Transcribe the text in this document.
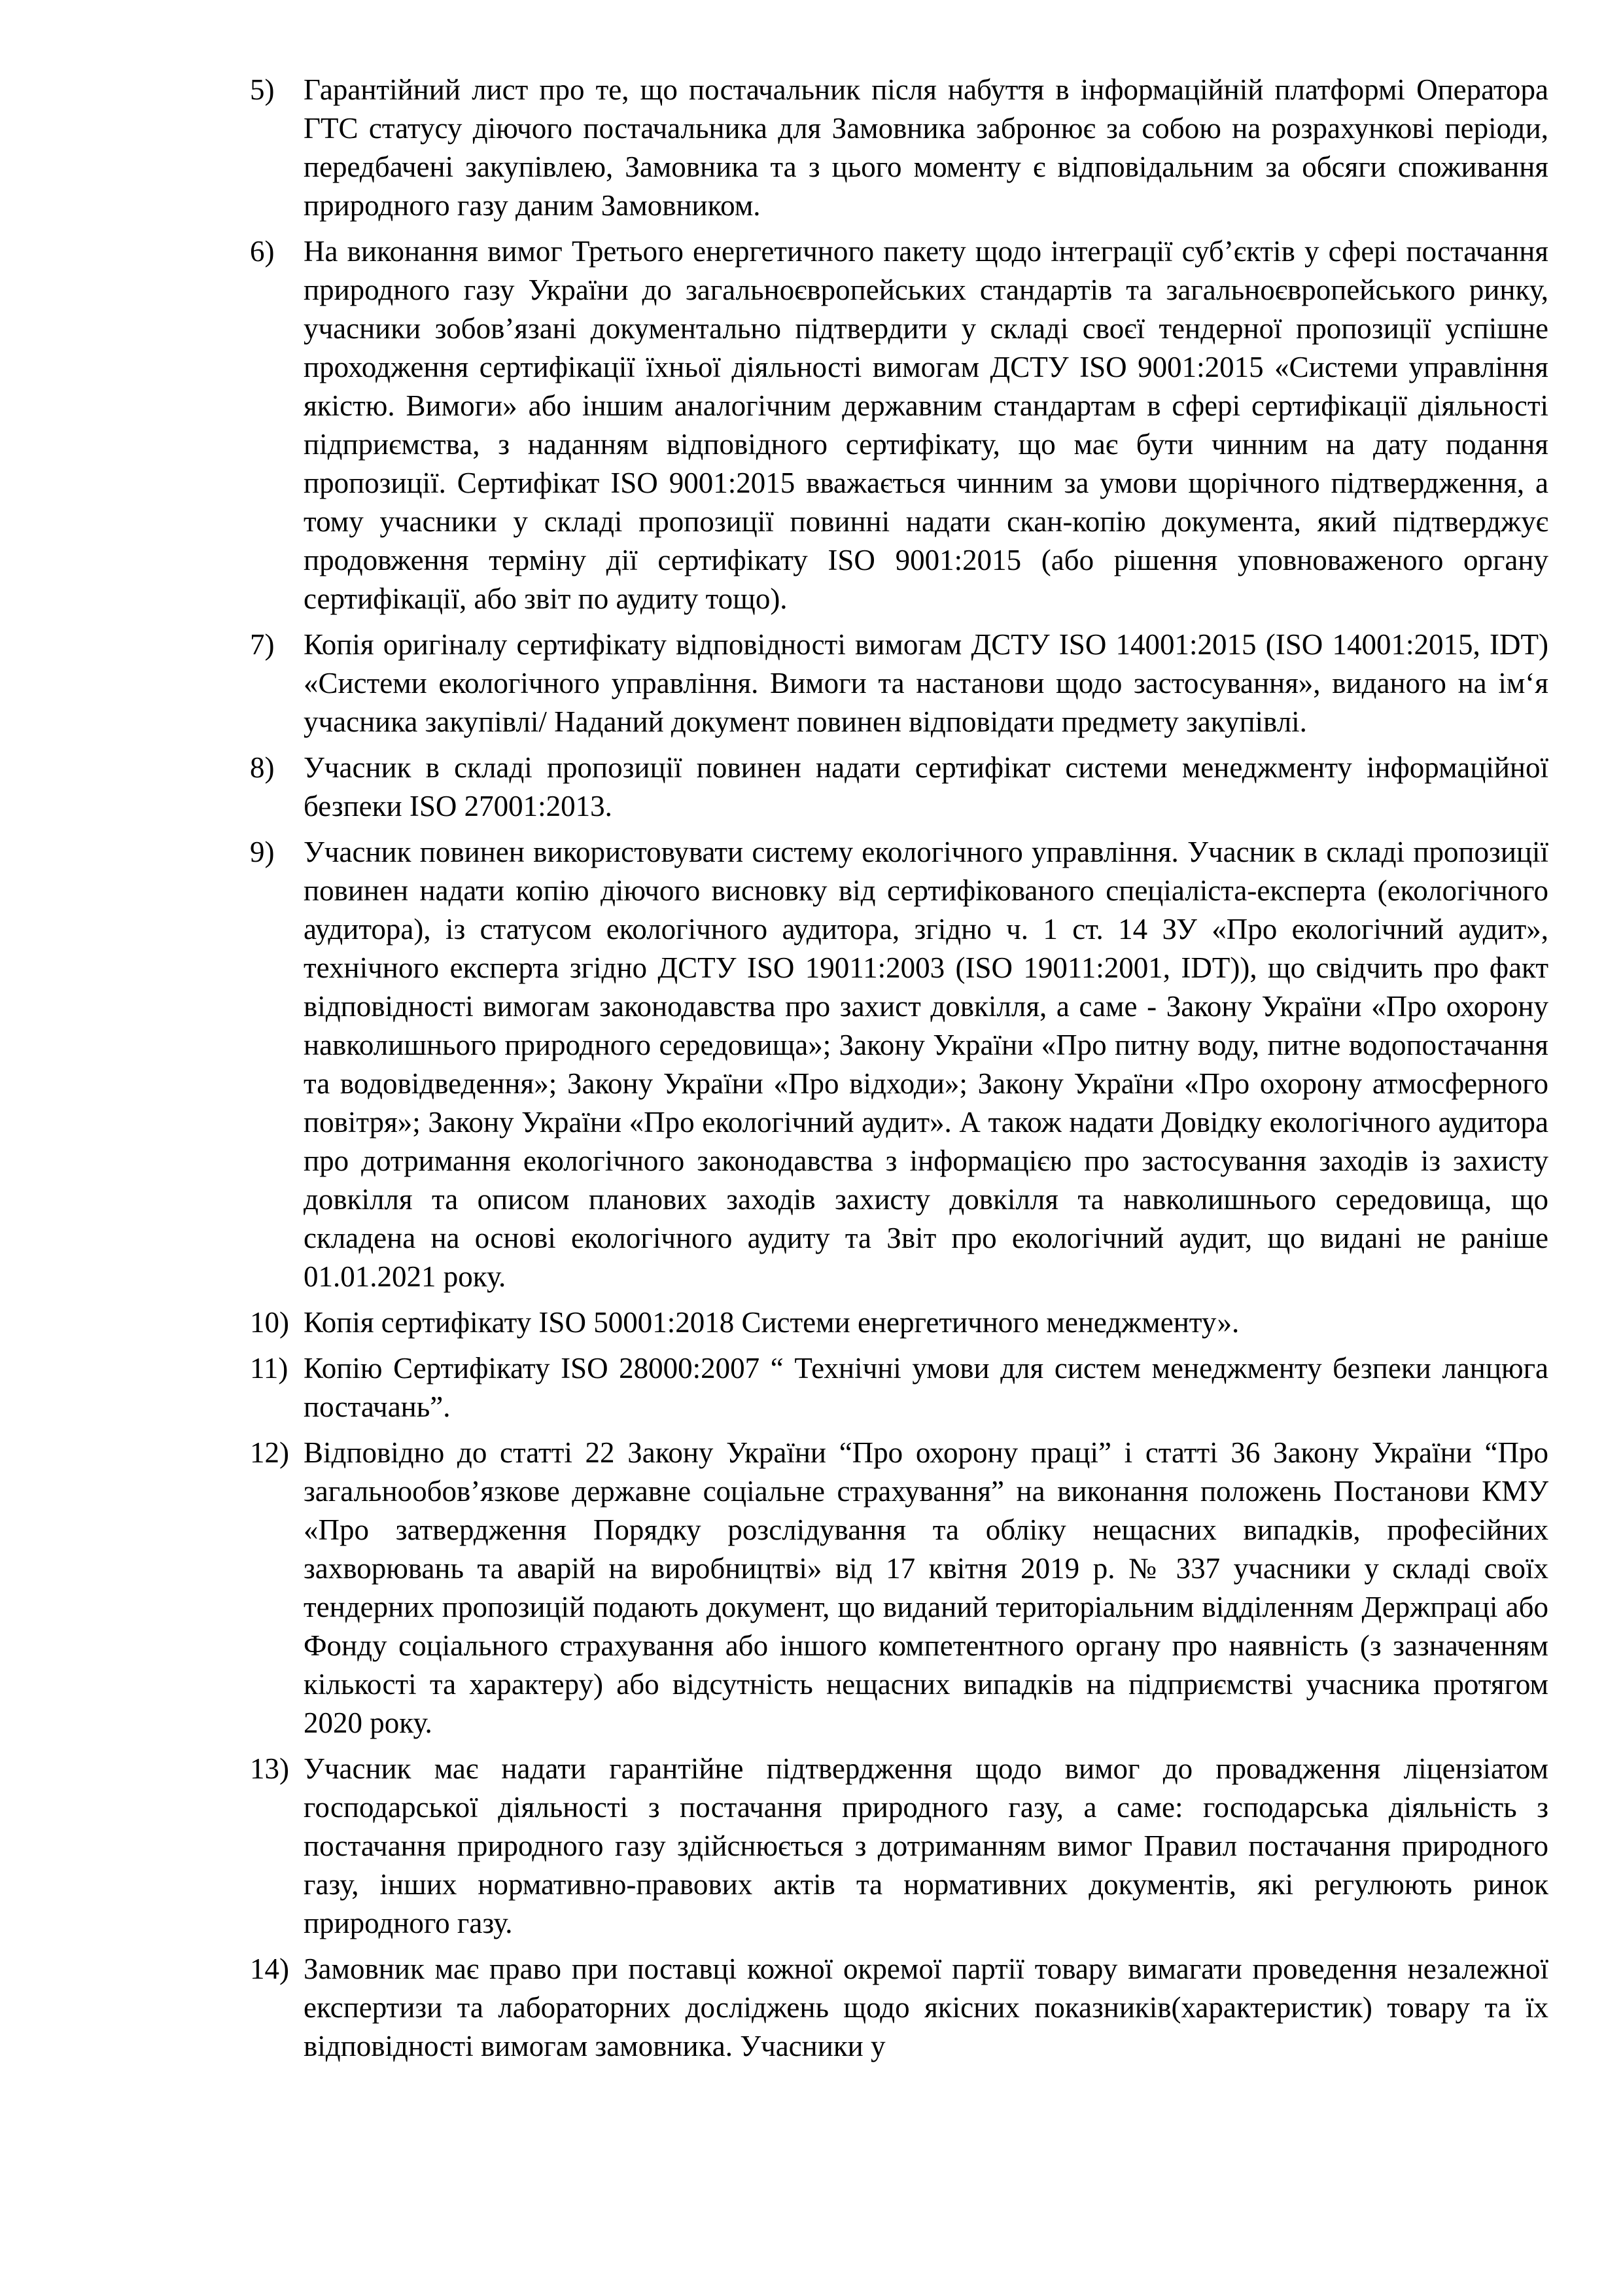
5) Гарантійний лист про те, що постачальник після набуття в інформаційній платформі Оператора ГТС статусу діючого постачальника для Замовника забронює за собою на розрахункові періоди, передбачені закупівлею, Замовника та з цього моменту є відповідальним за обсяги споживання природного газу даним Замовником.
6) На виконання вимог Третього енергетичного пакету щодо інтеграції суб’єктів у сфері постачання природного газу України до загальноєвропейських стандартів та загальноєвропейського ринку, учасники зобов’язані документально підтвердити у складі своєї тендерної пропозиції успішне проходження сертифікації їхньої діяльності вимогам ДСТУ ISO 9001:2015 «Системи управління якістю. Вимоги» або іншим аналогічним державним стандартам в сфері сертифікації діяльності підприємства, з наданням відповідного сертифікату, що має бути чинним на дату подання пропозиції. Сертифікат ISO 9001:2015 вважається чинним за умови щорічного підтвердження, а тому учасники у складі пропозиції повинні надати скан-копію документа, який підтверджує продовження терміну дії сертифікату ISO 9001:2015 (або рішення уповноваженого органу сертифікації, або звіт по аудиту тощо).
7) Копія оригіналу сертифікату відповідності вимогам ДСТУ ISO 14001:2015 (ISO 14001:2015, IDT) «Системи екологічного управління. Вимоги та настанови щодо застосування», виданого на ім‘я учасника закупівлі/ Наданий документ повинен відповідати предмету закупівлі.
8) Учасник в складі пропозиції повинен надати сертифікат системи менеджменту інформаційної безпеки ISO 27001:2013.
9) Учасник повинен використовувати систему екологічного управління. Учасник в складі пропозиції повинен надати копію діючого висновку від сертифікованого спеціаліста-експерта (екологічного аудитора), із статусом екологічного аудитора, згідно ч. 1 ст. 14 ЗУ «Про екологічний аудит», технічного експерта згідно ДСТУ ISO 19011:2003 (ISO 19011:2001, IDT)), що свідчить про факт відповідності вимогам законодавства про захист довкілля, а саме - Закону України «Про охорону навколишнього природного середовища»; Закону України «Про питну воду, питне водопостачання та водовідведення»; Закону України «Про відходи»; Закону України «Про охорону атмосферного повітря»; Закону України «Про екологічний аудит». А також надати Довідку екологічного аудитора про дотримання екологічного законодавства з інформацією про застосування заходів із захисту довкілля та описом планових заходів захисту довкілля та навколишнього середовища, що складена на основі екологічного аудиту та Звіт про екологічний аудит, що видані не раніше 01.01.2021 року.
10) Копія сертифікату ISO 50001:2018 Системи енергетичного менеджменту».
11) Копію Сертифікату ISO 28000:2007 “ Технічні умови для систем менеджменту безпеки ланцюга постачань”.
12) Відповідно до статті 22 Закону України “Про охорону праці” і статті 36 Закону України “Про загальнообов’язкове державне соціальне страхування” на виконання положень Постанови КМУ «Про затвердження Порядку розслідування та обліку нещасних випадків, професійних захворювань та аварій на виробництві» від 17 квітня 2019 р. № 337 учасники у складі своїх тендерних пропозицій подають документ, що виданий територіальним відділенням Держпраці або Фонду соціального страхування або іншого компетентного органу про наявність (з зазначенням кількості та характеру) або відсутність нещасних випадків на підприємстві учасника протягом 2020 року.
13) Учасник має надати гарантійне підтвердження щодо вимог до провадження ліцензіатом господарської діяльності з постачання природного газу, а саме: господарська діяльність з постачання природного газу здійснюється з дотриманням вимог Правил постачання природного газу, інших нормативно-правових актів та нормативних документів, які регулюють ринок природного газу.
14) Замовник має право при поставці кожної окремої партії товару вимагати проведення незалежної експертизи та лабораторних досліджень щодо якісних показників(характеристик) товару та їх відповідності вимогам замовника. Учасники у
